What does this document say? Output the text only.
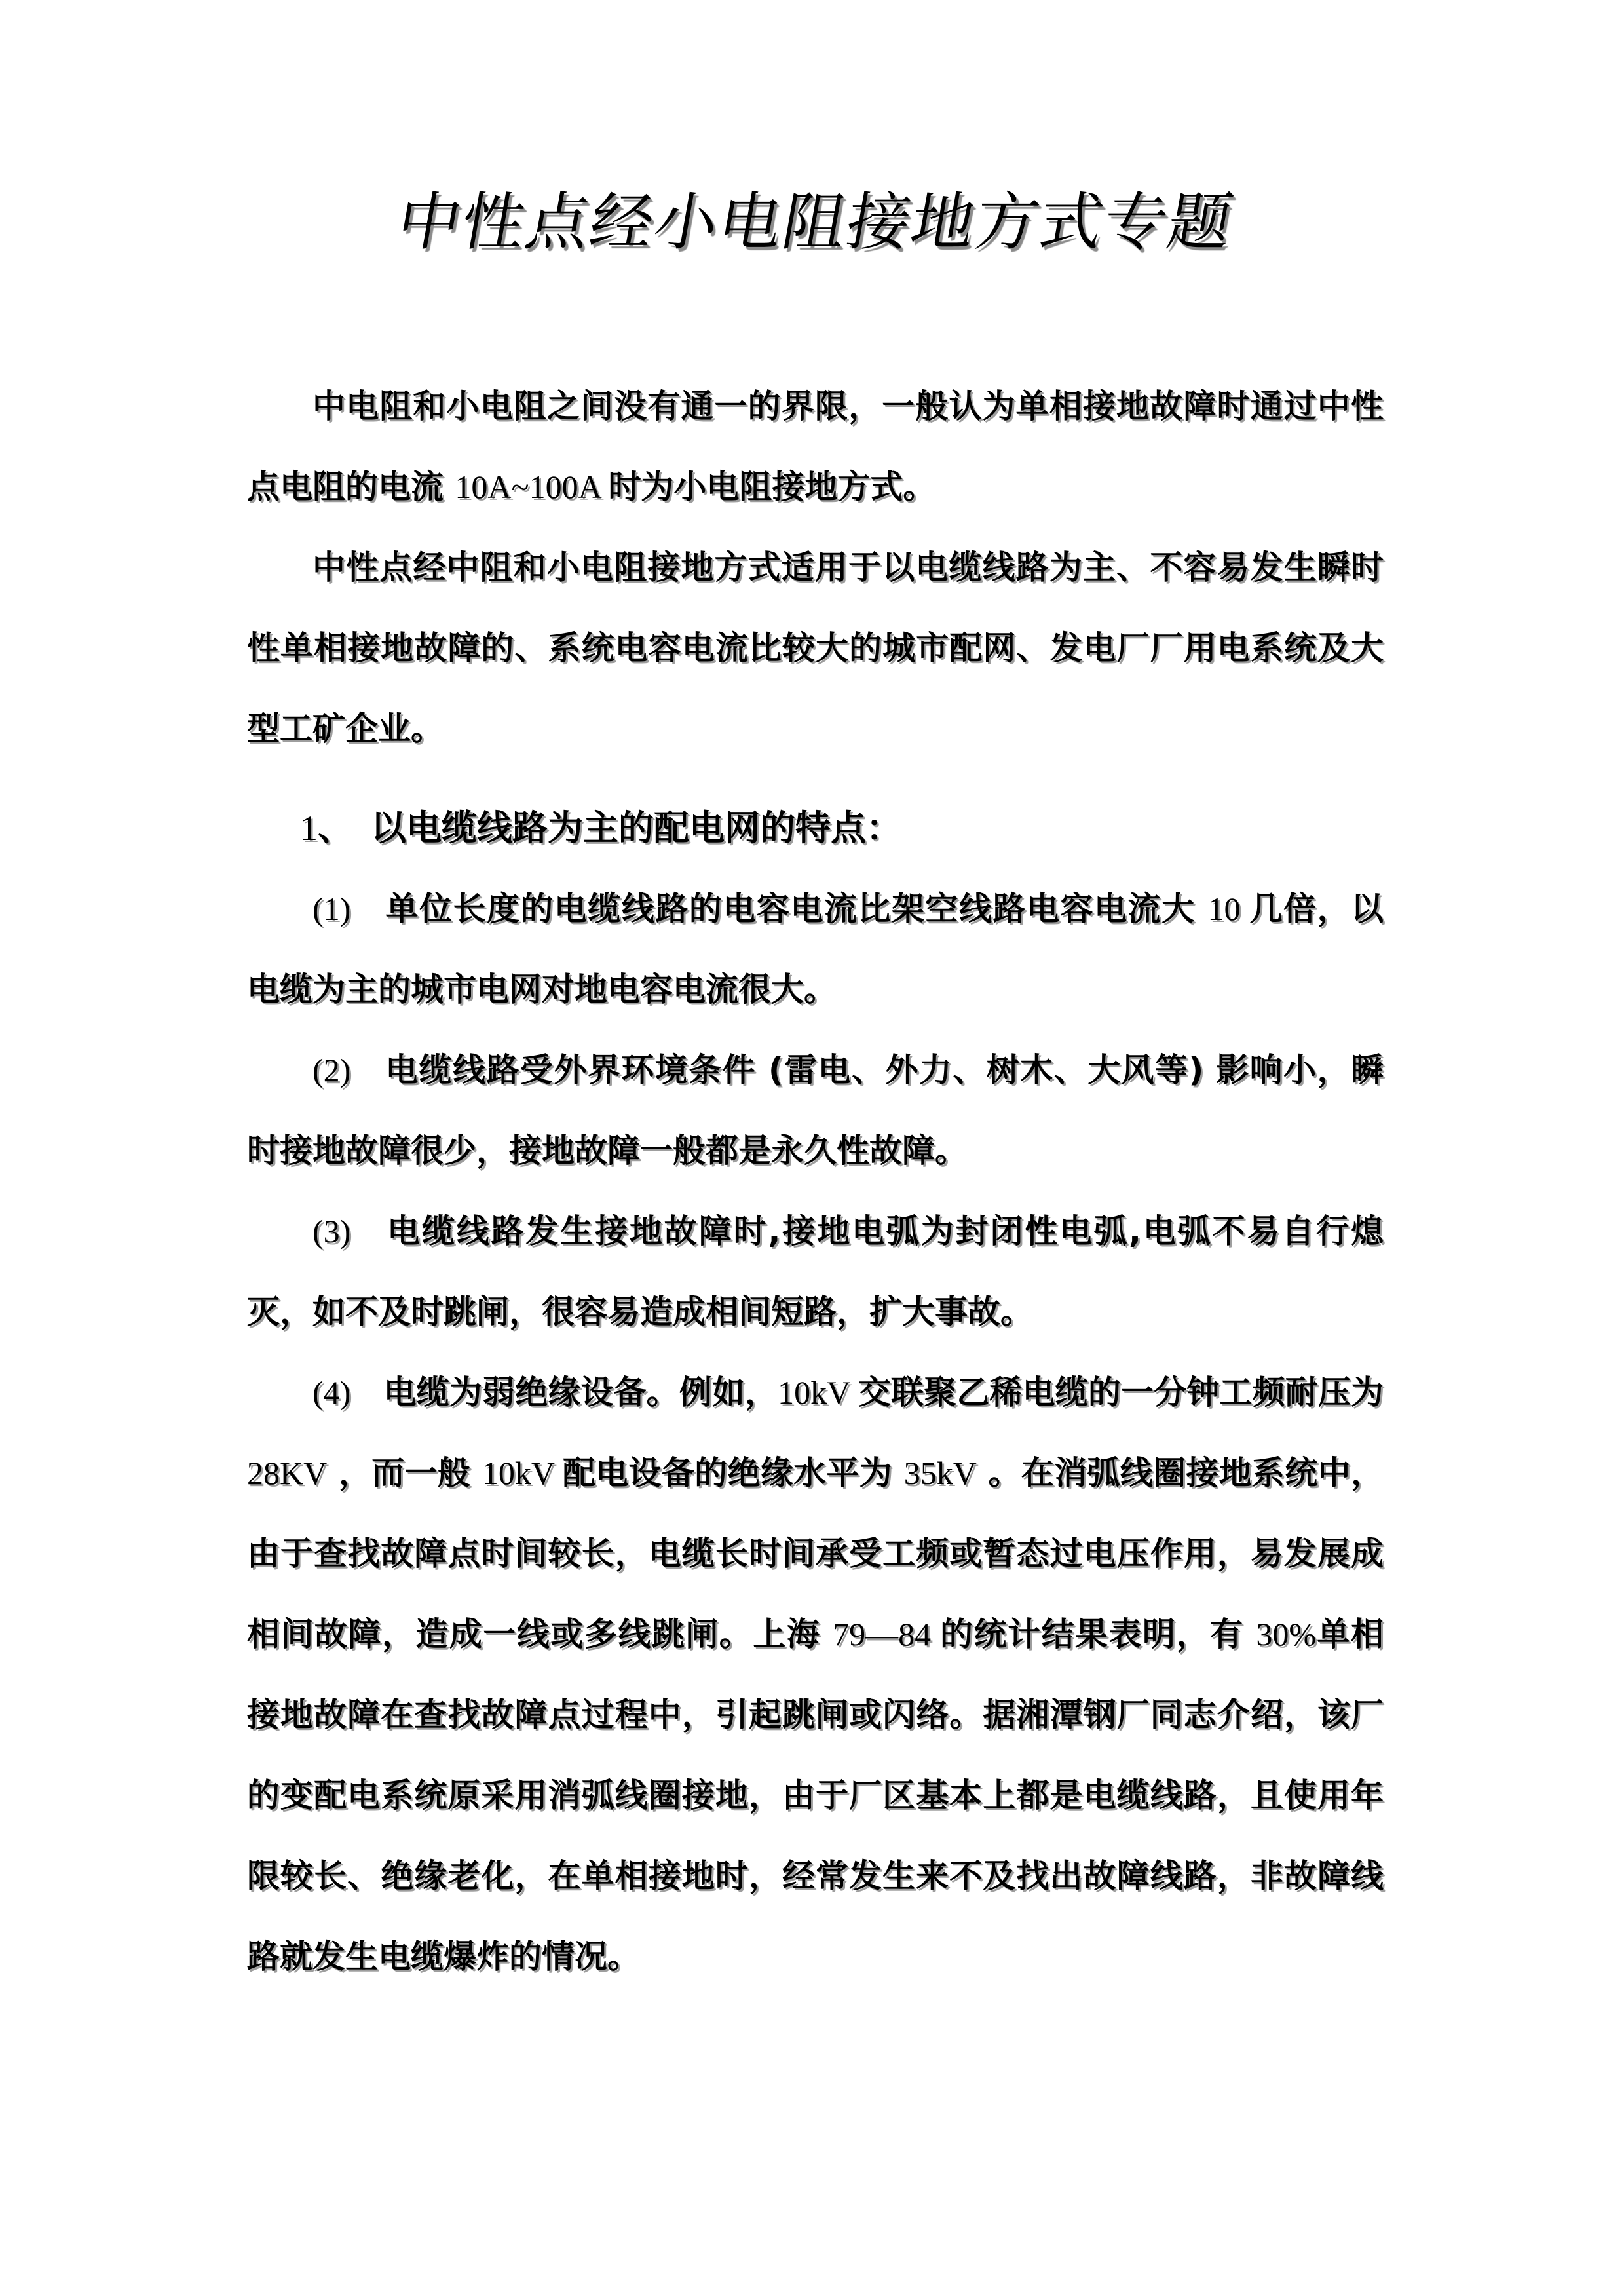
中性点经小电阻接地方式专题

中电阻和小电阻之间没有通一的界限，一般认为单相接地故障时通过中性点电阻的电流 10A~100A 时为小电阻接地方式。

中性点经中阻和小电阻接地方式适用于以电缆线路为主、不容易发生瞬时性单相接地故障的、系统电容电流比较大的城市配网、发电厂厂用电系统及大型工矿企业。

1、　以电缆线路为主的配电网的特点：

(1)　单位长度的电缆线路的电容电流比架空线路电容电流大 10 几倍，以电缆为主的城市电网对地电容电流很大。

(2)　电缆线路受外界环境条件 (雷电、外力、树木、大风等) 影响小，瞬时接地故障很少，接地故障一般都是永久性故障。

(3)　电缆线路发生接地故障时,接地电弧为封闭性电弧,电弧不易自行熄灭，如不及时跳闸，很容易造成相间短路，扩大事故。

(4)　电缆为弱绝缘设备。例如，10kV 交联聚乙稀电缆的一分钟工频耐压为 28KV ，而一般 10kV 配电设备的绝缘水平为 35kV 。在消弧线圈接地系统中，由于查找故障点时间较长，电缆长时间承受工频或暂态过电压作用，易发展成相间故障，造成一线或多线跳闸。上海 79—84 的统计结果表明，有 30%单相接地故障在查找故障点过程中，引起跳闸或闪络。据湘潭钢厂同志介绍，该厂的变配电系统原采用消弧线圈接地，由于厂区基本上都是电缆线路，且使用年限较长、绝缘老化，在单相接地时，经常发生来不及找出故障线路，非故障线路就发生电缆爆炸的情况。
